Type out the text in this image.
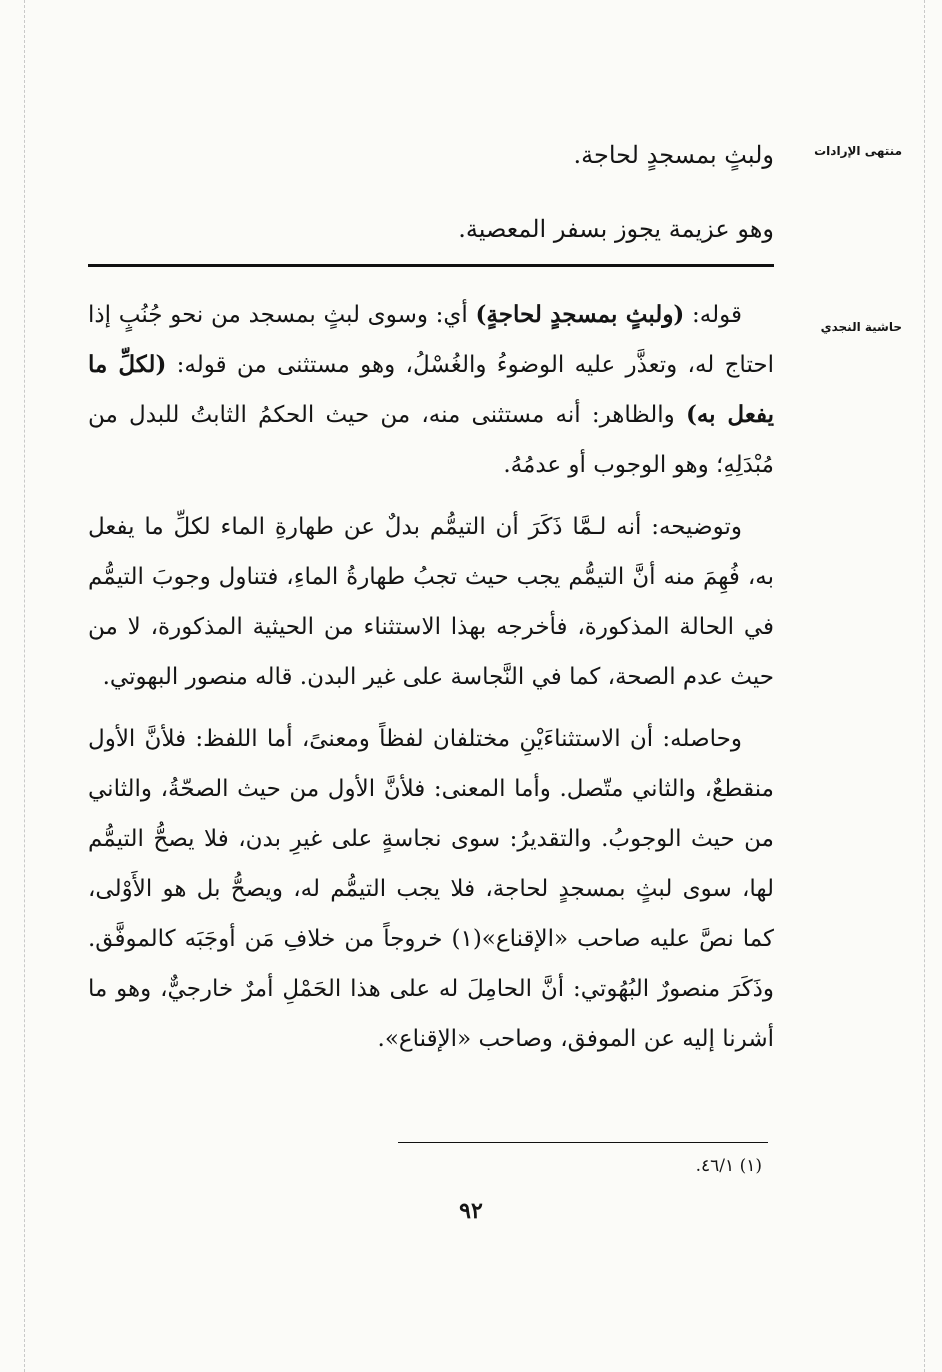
منتهى الإرادات
حاشية النجدي

ولبثٍ بمسجدٍ لحاجة.

وهو عزيمة يجوز بسفر المعصية.

قوله: (ولبثٍ بمسجدٍ لحاجةٍ) أي: وسوى لبثٍ بمسجد من نحو جُنُبٍ إذا احتاج له، وتعذَّر عليه الوضوءُ والغُسْلُ، وهو مستثنى من قوله: (لكلِّ ما يفعل به) والظاهر: أنه مستثنى منه، من حيث الحكمُ الثابتُ للبدل من مُبْدَلِهِ؛ وهو الوجوب أو عدمُهُ.

وتوضيحه: أنه لـمَّا ذَكَرَ أن التيمُّم بدلٌ عن طهارةِ الماء لكلِّ ما يفعل به، فُهِمَ منه أنَّ التيمُّم يجب حيث تجبُ طهارةُ الماءِ، فتناول وجوبَ التيمُّم في الحالة المذكورة، فأخرجه بهذا الاستثناء من الحيثية المذكورة، لا من حيث عدم الصحة، كما في النَّجاسة على غير البدن. قاله منصور البهوتي.

وحاصله: أن الاستثناءَيْنِ مختلفان لفظاً ومعنىً، أما اللفظ: فلأنَّ الأول منقطعٌ، والثاني متّصل. وأما المعنى: فلأنَّ الأول من حيث الصحّةُ، والثاني من حيث الوجوبُ. والتقديرُ: سوى نجاسةٍ على غيرِ بدن، فلا يصحُّ التيمُّم لها، سوى لبثٍ بمسجدٍ لحاجة، فلا يجب التيمُّم له، ويصحُّ بل هو الأَوْلى، كما نصَّ عليه صاحب «الإقناع»(١) خروجاً من خلافِ مَن أوجَبَه كالموفَّق. وذَكَرَ منصورٌ البُهُوتي: أنَّ الحامِلَ له على هذا الحَمْلِ أمرٌ خارجيٌّ، وهو ما أشرنا إليه عن الموفق، وصاحب «الإقناع».

(١) ٤٦/١.
٩٢
